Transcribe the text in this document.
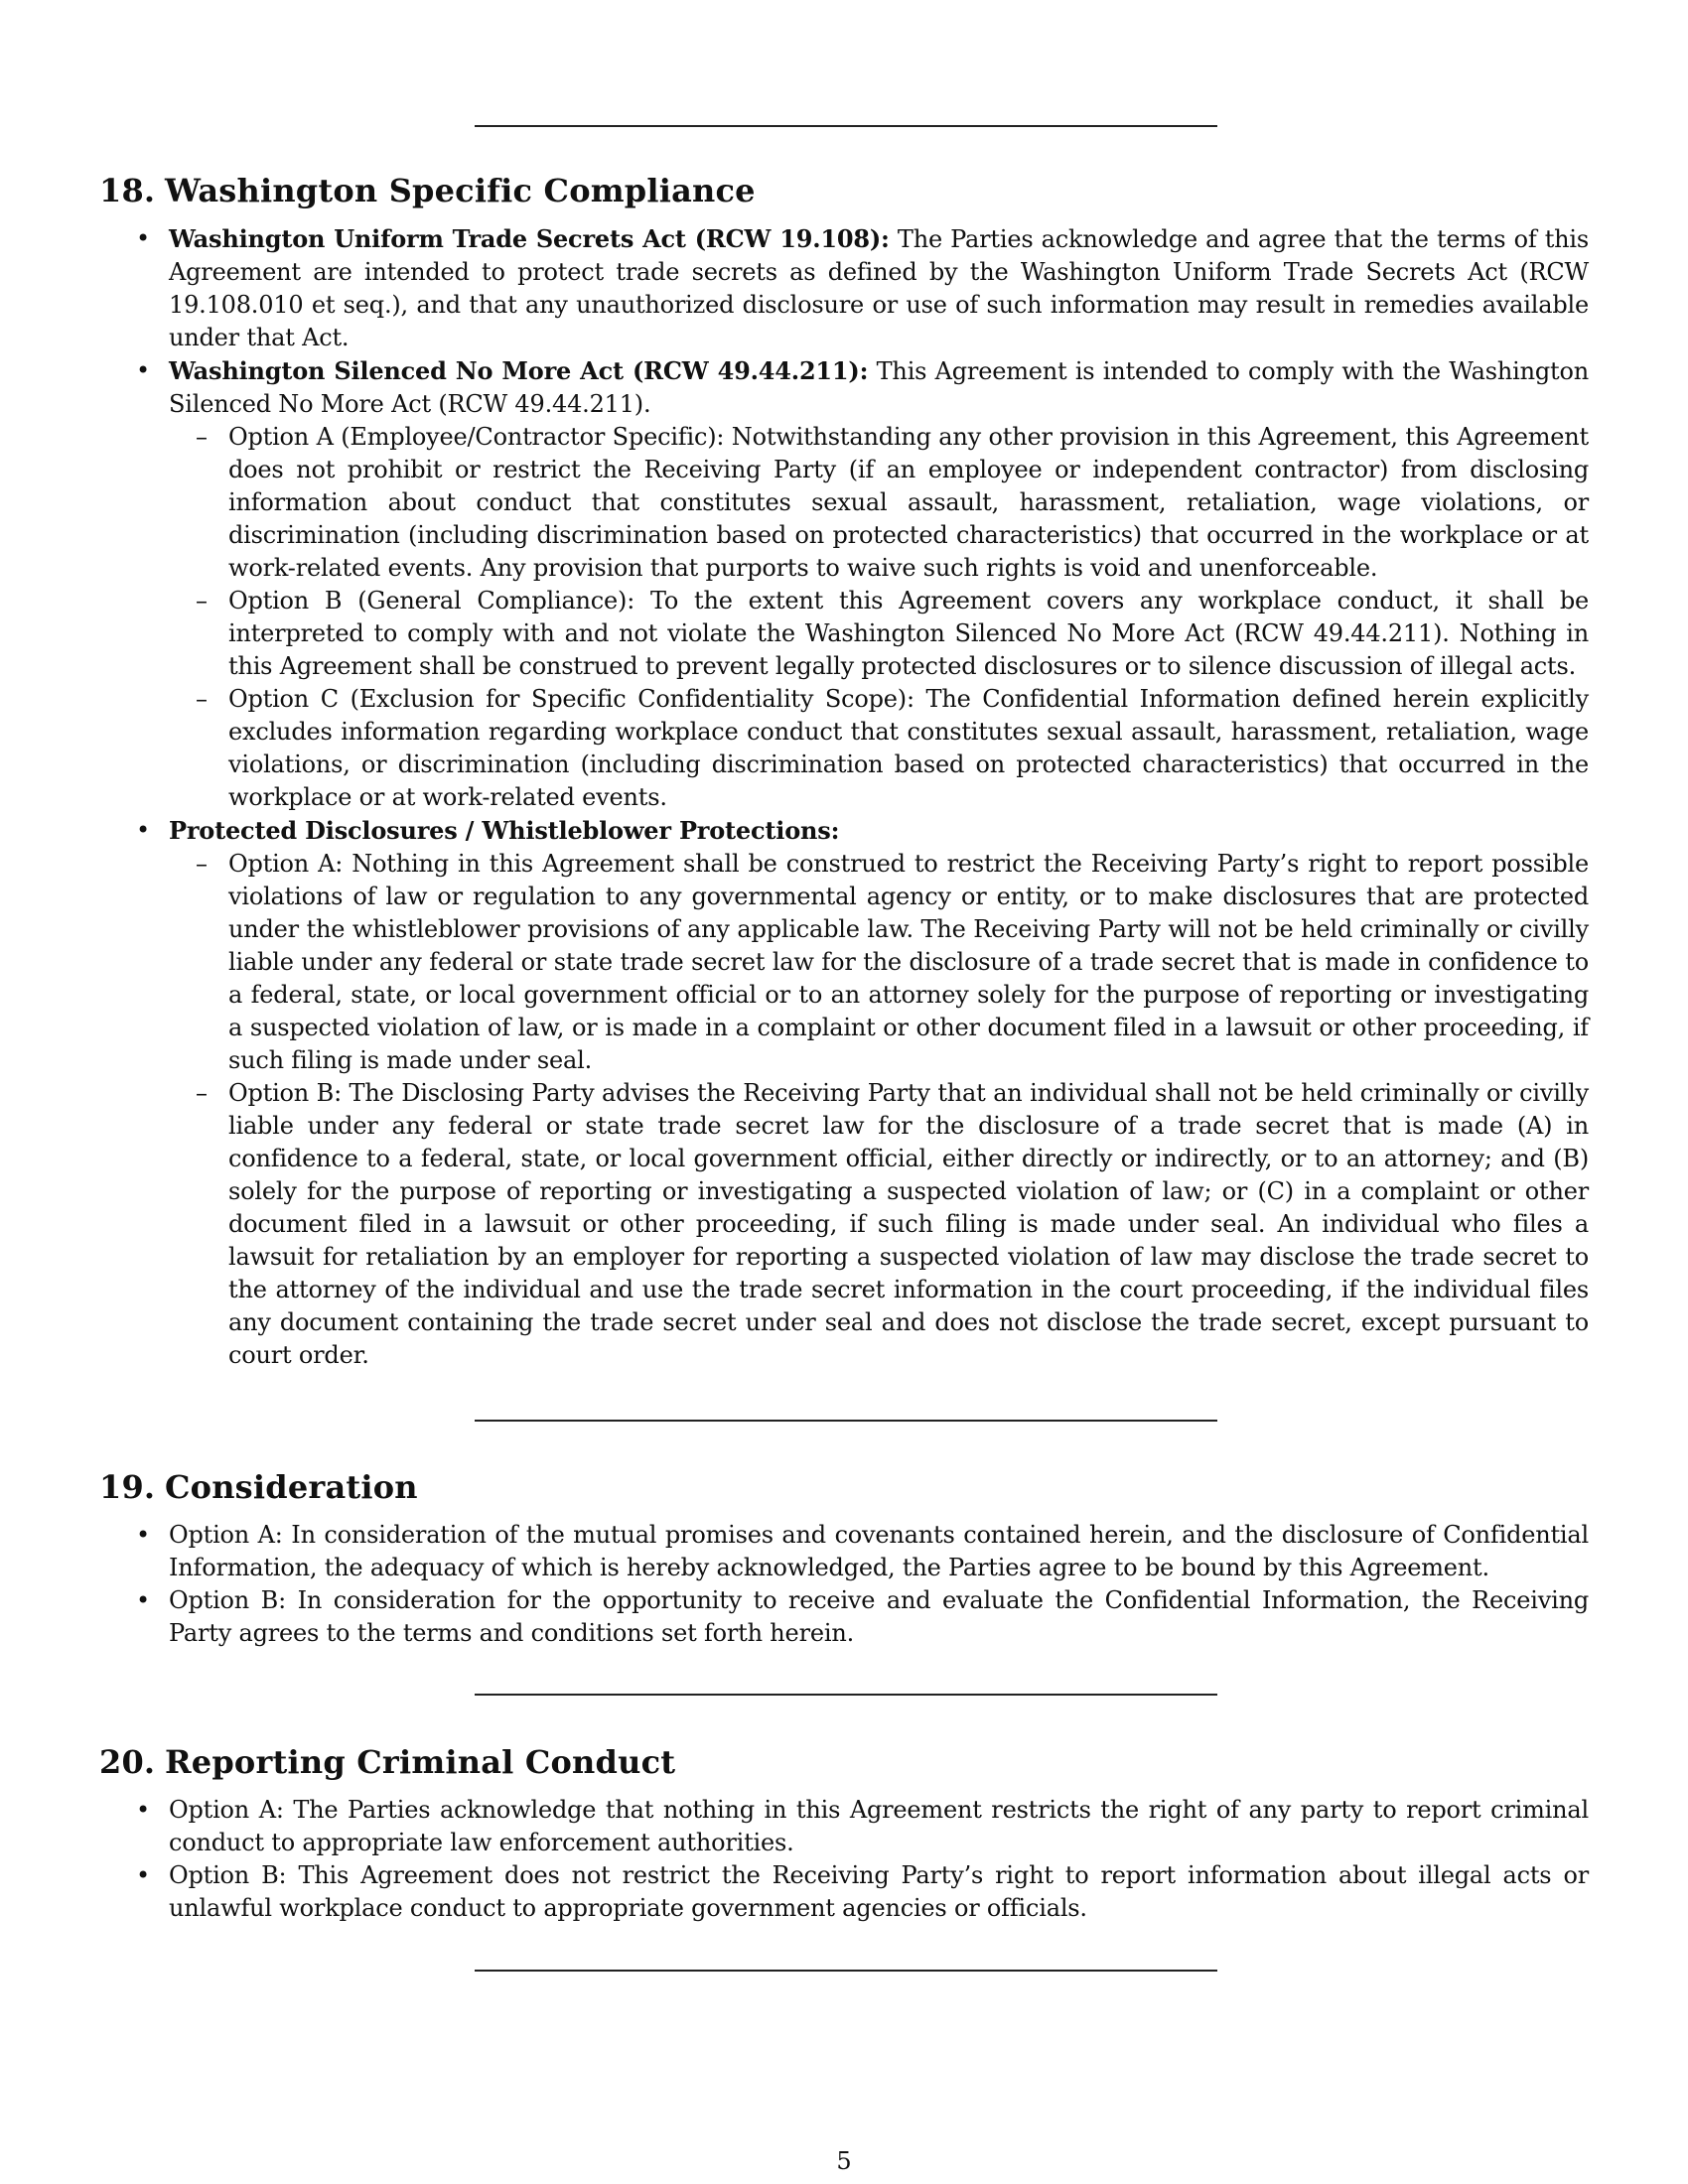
18. Washington Specific Compliance
• Washington Uniform Trade Secrets Act (RCW 19.108): The Parties acknowledge and agree that the terms of this Agreement are intended to protect trade secrets as defined by the Washington Uniform Trade Secrets Act (RCW 19.108.010 et seq.), and that any unauthorized disclosure or use of such information may result in remedies available under that Act.
• Washington Silenced No More Act (RCW 49.44.211): This Agreement is intended to comply with the Washington Silenced No More Act (RCW 49.44.211).
– Option A (Employee/Contractor Specific): Notwithstanding any other provision in this Agreement, this Agreement does not prohibit or restrict the Receiving Party (if an employee or independent contractor) from disclosing information about conduct that constitutes sexual assault, harassment, retaliation, wage violations, or discrimination (including discrimination based on protected characteristics) that occurred in the workplace or at work-related events. Any provision that purports to waive such rights is void and unenforceable.
– Option B (General Compliance): To the extent this Agreement covers any workplace conduct, it shall be interpreted to comply with and not violate the Washington Silenced No More Act (RCW 49.44.211). Nothing in this Agreement shall be construed to prevent legally protected disclosures or to silence discussion of illegal acts.
– Option C (Exclusion for Specific Confidentiality Scope): The Confidential Information defined herein explicitly excludes information regarding workplace conduct that constitutes sexual assault, harassment, retaliation, wage violations, or discrimination (including discrimination based on protected characteristics) that occurred in the workplace or at work-related events.
• Protected Disclosures / Whistleblower Protections:
– Option A: Nothing in this Agreement shall be construed to restrict the Receiving Party’s right to report possible violations of law or regulation to any governmental agency or entity, or to make disclosures that are protected under the whistleblower provisions of any applicable law. The Receiving Party will not be held criminally or civilly liable under any federal or state trade secret law for the disclosure of a trade secret that is made in confidence to a federal, state, or local government official or to an attorney solely for the purpose of reporting or investigating a suspected violation of law, or is made in a complaint or other document filed in a lawsuit or other proceeding, if such filing is made under seal.
– Option B: The Disclosing Party advises the Receiving Party that an individual shall not be held criminally or civilly liable under any federal or state trade secret law for the disclosure of a trade secret that is made (A) in confidence to a federal, state, or local government official, either directly or indirectly, or to an attorney; and (B) solely for the purpose of reporting or investigating a suspected violation of law; or (C) in a complaint or other document filed in a lawsuit or other proceeding, if such filing is made under seal. An individual who files a lawsuit for retaliation by an employer for reporting a suspected violation of law may disclose the trade secret to the attorney of the individual and use the trade secret information in the court proceeding, if the individual files any document containing the trade secret under seal and does not disclose the trade secret, except pursuant to court order.
19. Consideration
• Option A: In consideration of the mutual promises and covenants contained herein, and the disclosure of Confidential Information, the adequacy of which is hereby acknowledged, the Parties agree to be bound by this Agreement.
• Option B: In consideration for the opportunity to receive and evaluate the Confidential Information, the Receiving Party agrees to the terms and conditions set forth herein.
20. Reporting Criminal Conduct
• Option A: The Parties acknowledge that nothing in this Agreement restricts the right of any party to report criminal conduct to appropriate law enforcement authorities.
• Option B: This Agreement does not restrict the Receiving Party’s right to report information about illegal acts or unlawful workplace conduct to appropriate government agencies or officials.
5
